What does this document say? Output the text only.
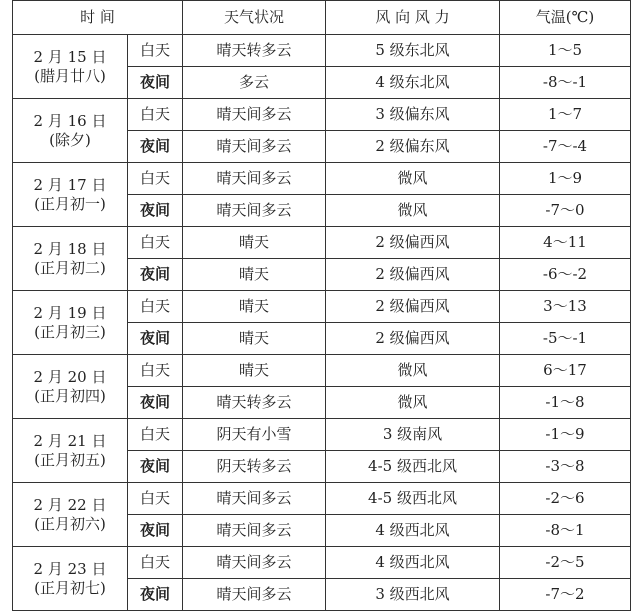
时 间		天气状况	风 向 风 力	气温(℃)

2 月 15 日
(腊月廿八)	白天	晴天转多云	5 级东北风	1～5
	夜间	多云	4 级东北风	-8～-1

2 月 16 日
(除夕)	白天	晴天间多云	3 级偏东风	1～7
	夜间	晴天间多云	2 级偏东风	-7～-4

2 月 17 日
(正月初一)	白天	晴天间多云	微风	1～9
	夜间	晴天间多云	微风	-7～0

2 月 18 日
(正月初二)	白天	晴天	2 级偏西风	4～11
	夜间	晴天	2 级偏西风	-6～-2

2 月 19 日
(正月初三)	白天	晴天	2 级偏西风	3～13
	夜间	晴天	2 级偏西风	-5～-1

2 月 20 日
(正月初四)	白天	晴天	微风	6～17
	夜间	晴天转多云	微风	-1～8

2 月 21 日
(正月初五)	白天	阴天有小雪	3 级南风	-1～9
	夜间	阴天转多云	4-5 级西北风	-3～8

2 月 22 日
(正月初六)	白天	晴天间多云	4-5 级西北风	-2～6
	夜间	晴天间多云	4 级西北风	-8～1

2 月 23 日
(正月初七)	白天	晴天间多云	4 级西北风	-2～5
	夜间	晴天间多云	3 级西北风	-7～2
